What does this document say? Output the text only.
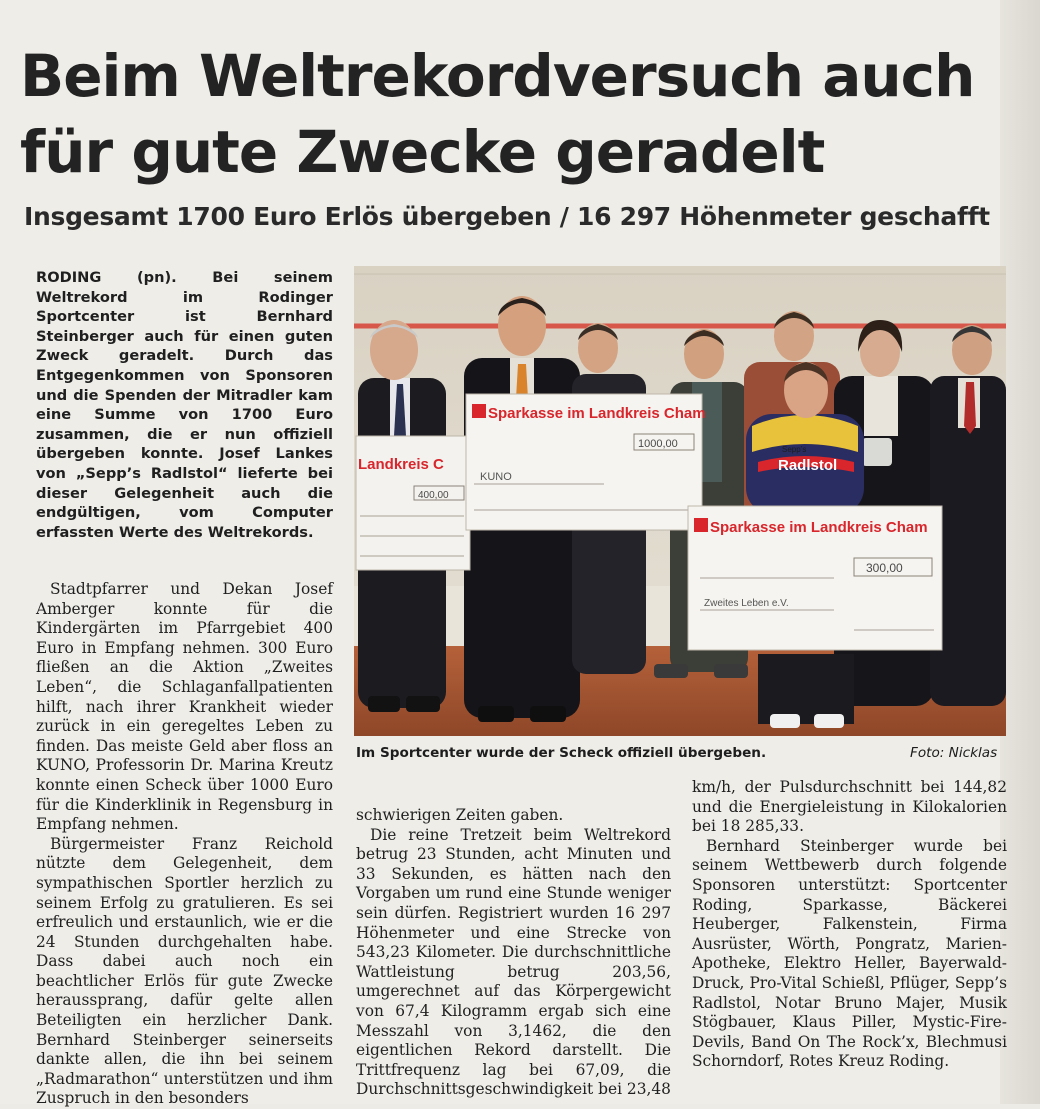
Beim Weltrekordversuch auch
für gute Zwecke geradelt
Insgesamt 1700 Euro Erlös übergeben / 16 297 Höhenmeter geschafft

RODING (pn). Bei seinem Weltrekord im Rodinger Sportcenter ist Bernhard Steinberger auch für einen guten Zweck geradelt. Durch das Entgegenkommen von Sponsoren und die Spenden der Mitradler kam eine Summe von 1700 Euro zusammen, die er nun offiziell übergeben konnte. Josef Lankes von „Sepp’s Radlstol“ lieferte bei dieser Gelegenheit auch die endgültigen, vom Computer erfassten Werte des Weltrekords.

Stadtpfarrer und Dekan Josef Amberger konnte für die Kindergärten im Pfarrgebiet 400 Euro in Empfang nehmen. 300 Euro fließen an die Aktion „Zweites Leben“, die Schlaganfallpatienten hilft, nach ihrer Krankheit wieder zurück in ein geregeltes Leben zu finden. Das meiste Geld aber floss an KUNO, Professorin Dr. Marina Kreutz konnte einen Scheck über 1000 Euro für die Kinderklinik in Regensburg in Empfang nehmen.

Bürgermeister Franz Reichold nützte dem Gelegenheit, dem sympathischen Sportler herzlich zu seinem Erfolg zu gratulieren. Es sei erfreulich und erstaunlich, wie er die 24 Stunden durchgehalten habe. Dass dabei auch noch ein beachtlicher Erlös für gute Zwecke heraussprang, dafür gelte allen Beteiligten ein herzlicher Dank. Bernhard Steinberger seinerseits dankte allen, die ihn bei seinem „Radmarathon“ unterstützen und ihm Zuspruch in den besonders

Radlstol
Sepp’s
Landkreis C
400,00
Sparkasse im Landkreis Cham
1000,00
KUNO
Sparkasse im Landkreis Cham
300,00
Zweites Leben e.V.
Im Sportcenter wurde der Scheck offiziell übergeben.	Foto: Nicklas

schwierigen Zeiten gaben.

Die reine Tretzeit beim Weltrekord betrug 23 Stunden, acht Minuten und 33 Sekunden, es hätten nach den Vorgaben um rund eine Stunde weniger sein dürfen. Registriert wurden 16 297 Höhenmeter und eine Strecke von 543,23 Kilometer. Die durchschnittliche Wattleistung betrug 203,56, umgerechnet auf das Körpergewicht von 67,4 Kilogramm ergab sich eine Messzahl von 3,1462, die den eigentlichen Rekord darstellt. Die Trittfrequenz lag bei 67,09, die Durchschnittsgeschwindigkeit bei 23,48

km/h, der Pulsdurchschnitt bei 144,82 und die Energieleistung in Kilokalorien bei 18 285,33.

Bernhard Steinberger wurde bei seinem Wettbewerb durch folgende Sponsoren unterstützt: Sportcenter Roding, Sparkasse, Bäckerei Heuberger, Falkenstein, Firma Ausrüster, Wörth, Pongratz, Marien-Apotheke, Elektro Heller, Bayerwald-Druck, Pro-Vital Schießl, Pflüger, Sepp’s Radlstol, Notar Bruno Majer, Musik Stögbauer, Klaus Piller, Mystic-Fire-Devils, Band On The Rock’x, Blechmusi Schorndorf, Rotes Kreuz Roding.
